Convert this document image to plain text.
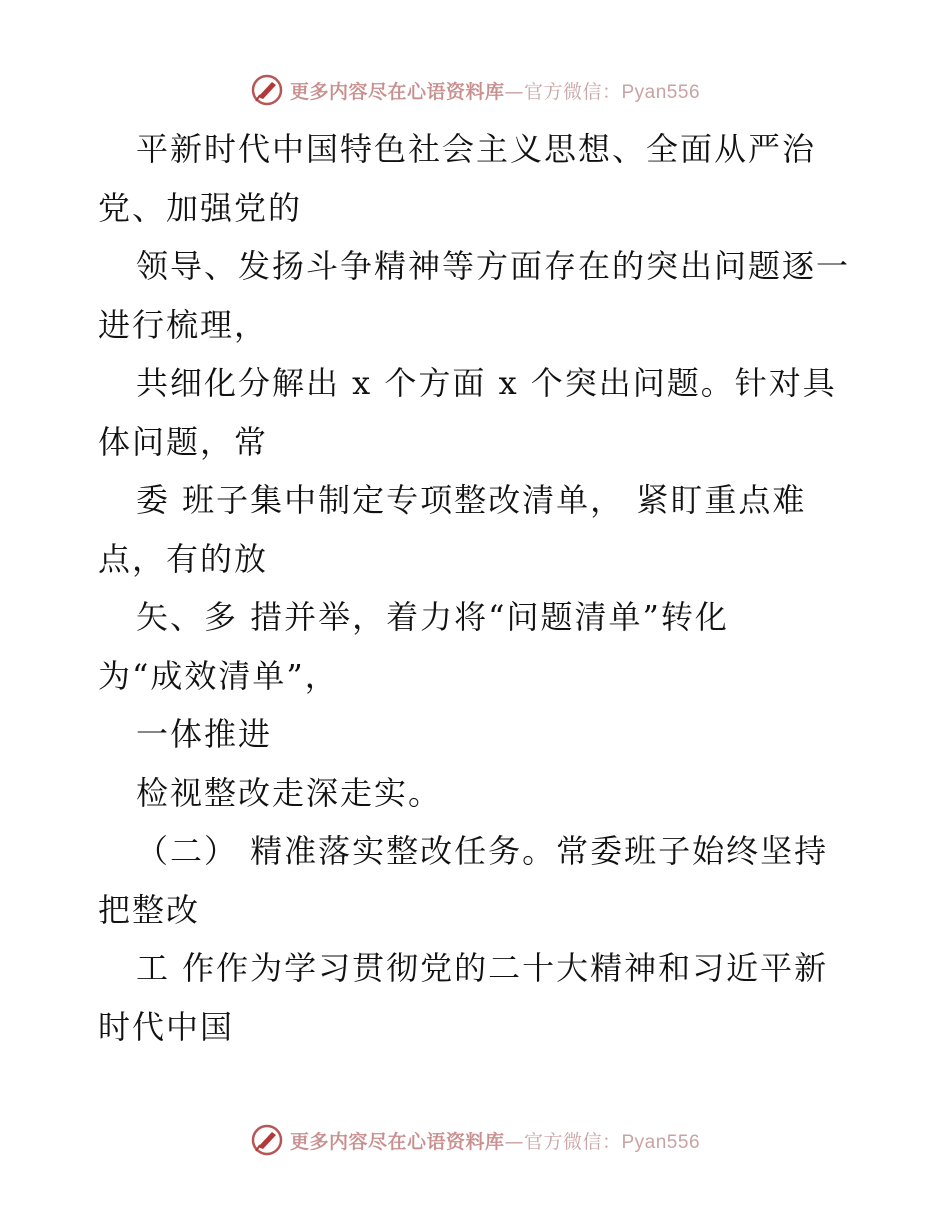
更多内容尽在心语资料库—官方微信：Pyan556
平新时代中国特色社会主义思想、全面从严治
党、加强党的
领导、发扬斗争精神等方面存在的突出问题逐一
进行梳理，
共细化分解出 x 个方面 x 个突出问题。针对具
体问题，常
委 班子集中制定专项整改清单， 紧盯重点难
点，有的放
矢、多 措并举，着力将“问题清单”转化
为“成效清单”，
一体推进
检视整改走深走实。
（二） 精准落实整改任务。常委班子始终坚持
把整改
工 作作为学习贯彻党的二十大精神和习近平新
时代中国
更多内容尽在心语资料库—官方微信：Pyan556
